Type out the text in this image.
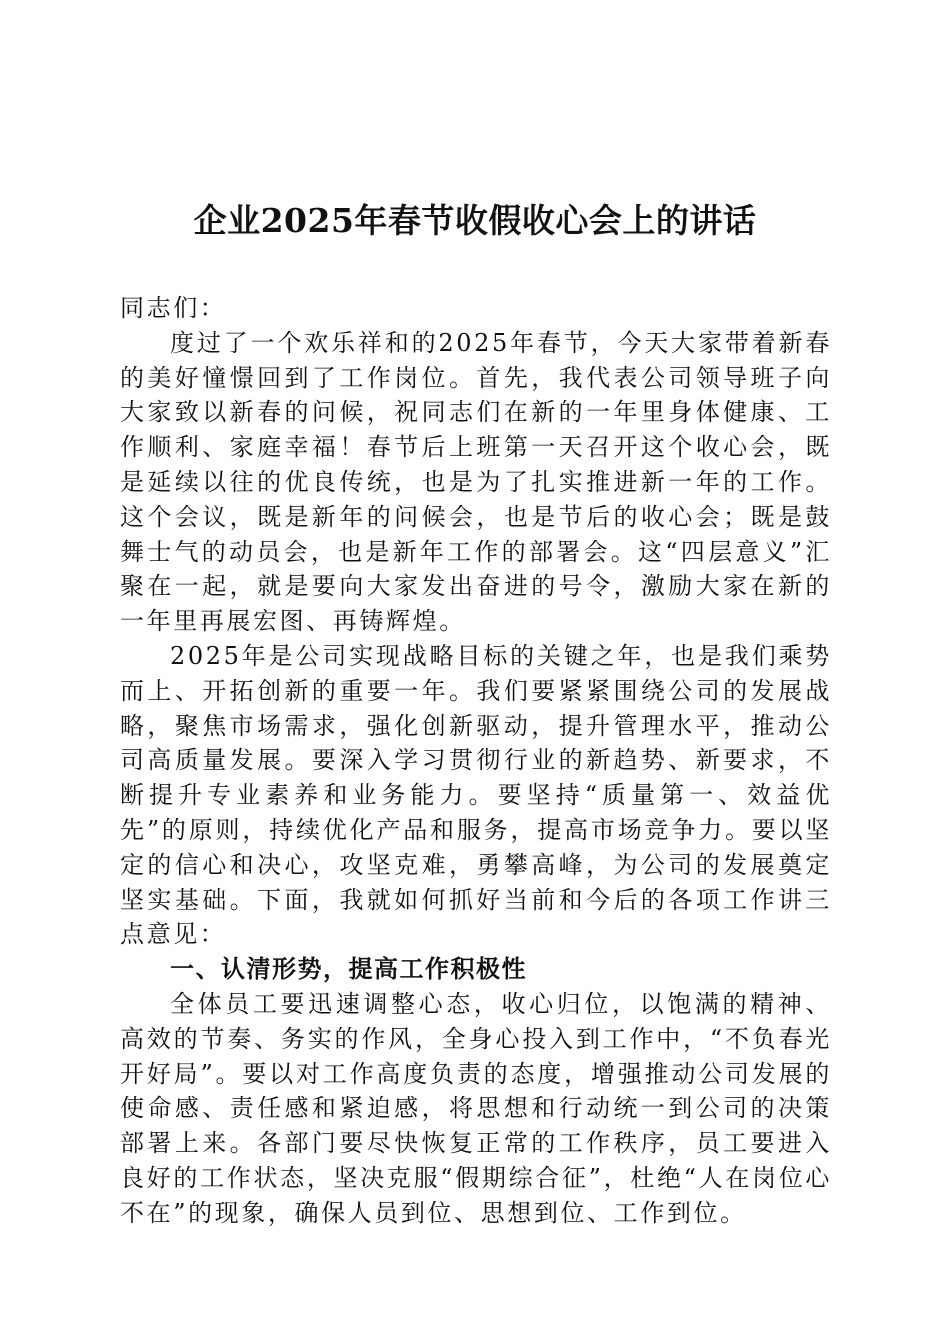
企业2025年春节收假收心会上的讲话

同志们：

度过了一个欢乐祥和的2025年春节，今天大家带着新春的美好憧憬回到了工作岗位。首先，我代表公司领导班子向大家致以新春的问候，祝同志们在新的一年里身体健康、工作顺利、家庭幸福！春节后上班第一天召开这个收心会，既是延续以往的优良传统，也是为了扎实推进新一年的工作。这个会议，既是新年的问候会，也是节后的收心会；既是鼓舞士气的动员会，也是新年工作的部署会。这“四层意义”汇聚在一起，就是要向大家发出奋进的号令，激励大家在新的一年里再展宏图、再铸辉煌。

2025年是公司实现战略目标的关键之年，也是我们乘势而上、开拓创新的重要一年。我们要紧紧围绕公司的发展战略，聚焦市场需求，强化创新驱动，提升管理水平，推动公司高质量发展。要深入学习贯彻行业的新趋势、新要求，不断提升专业素养和业务能力。要坚持“质量第一、效益优先”的原则，持续优化产品和服务，提高市场竞争力。要以坚定的信心和决心，攻坚克难，勇攀高峰，为公司的发展奠定坚实基础。下面，我就如何抓好当前和今后的各项工作讲三点意见：

一、认清形势，提高工作积极性

全体员工要迅速调整心态，收心归位，以饱满的精神、高效的节奏、务实的作风，全身心投入到工作中，“不负春光开好局”。要以对工作高度负责的态度，增强推动公司发展的使命感、责任感和紧迫感，将思想和行动统一到公司的决策部署上来。各部门要尽快恢复正常的工作秩序，员工要进入良好的工作状态，坚决克服“假期综合征”，杜绝“人在岗位心不在”的现象，确保人员到位、思想到位、工作到位。
